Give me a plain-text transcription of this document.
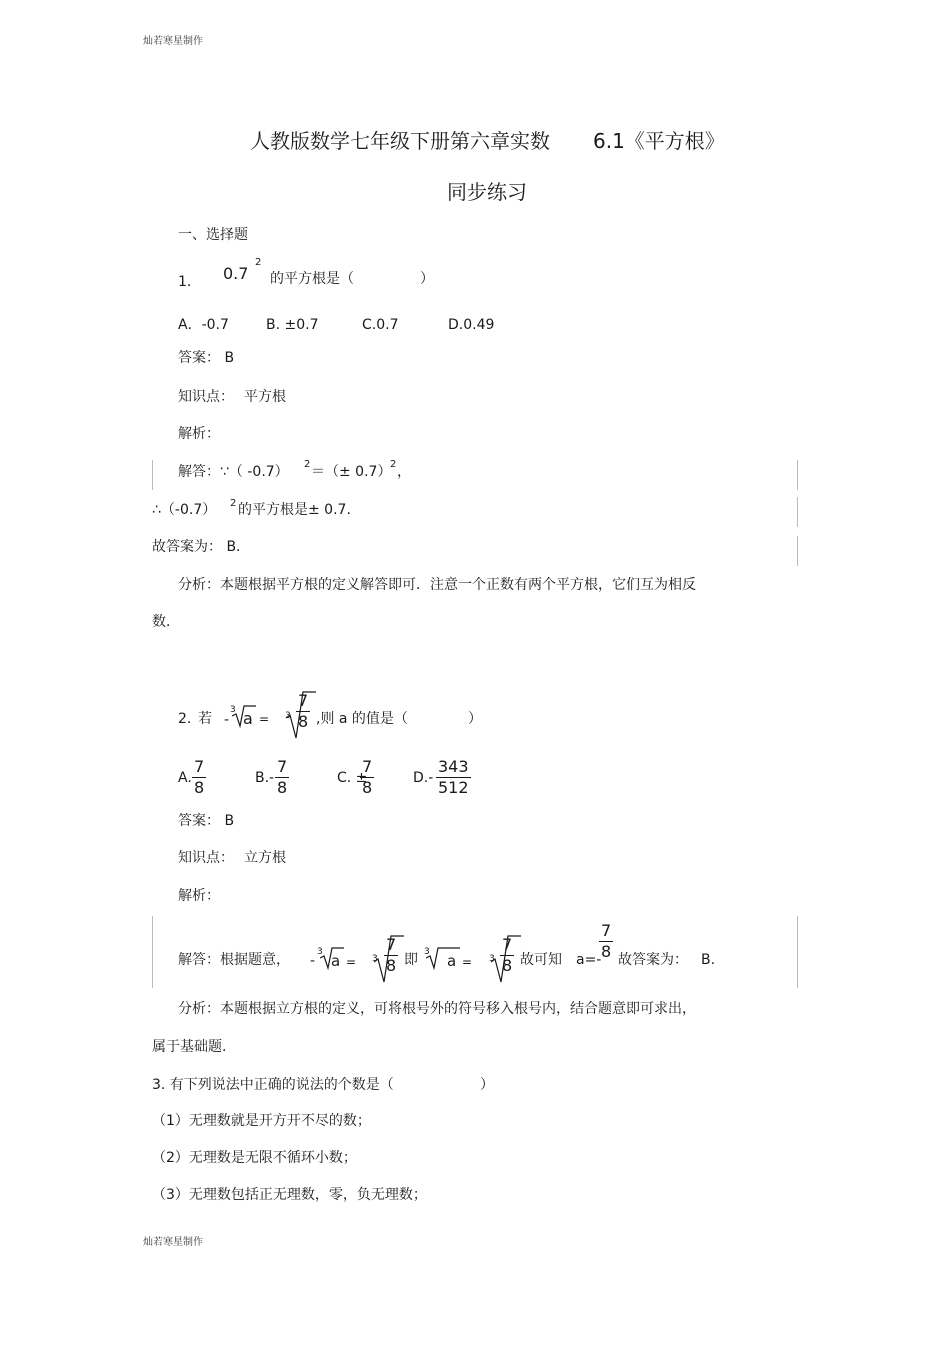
灿若寒星制作
灿若寒星制作
人教版数学七年级下册第六章实数 6.1《平方根》
同步练习
一、选择题
1. 0.7
2
的平方根是（	）
A．-0.7	B. ±0.7	C.0.7	D.0.49
答案： B
知识点： 平方根
解析：
解答：∵（ -0.7） 2 ＝（± 0.7）
2 ，
∴（-0.7） 2 的平方根是± 0.7.
故答案为： B．
分析：本题根据平方根的定义解答即可．注意一个正数有两个平方根，它们互为相反
数．
2. 若 -
3 a = 3
7
8 ,则 a 的值是（	）
A.
7
8	B.-
7
8	C. ±
7
8	D.-
343
512
答案： B
知识点： 立方根
解析：
解答：根据题意， -
3 a = 3
7
8 即 3 a = 3
7
8 故可知 a=-
7
8 故答案为： B.
分析：本题根据立方根的定义，可将根号外的符号移入根号内，结合题意即可求出，
属于基础题.
3. 有下列说法中正确的说法的个数是（	）
（1）无理数就是开方开不尽的数；
（2）无理数是无限不循环小数；
（3）无理数包括正无理数，零，负无理数；
